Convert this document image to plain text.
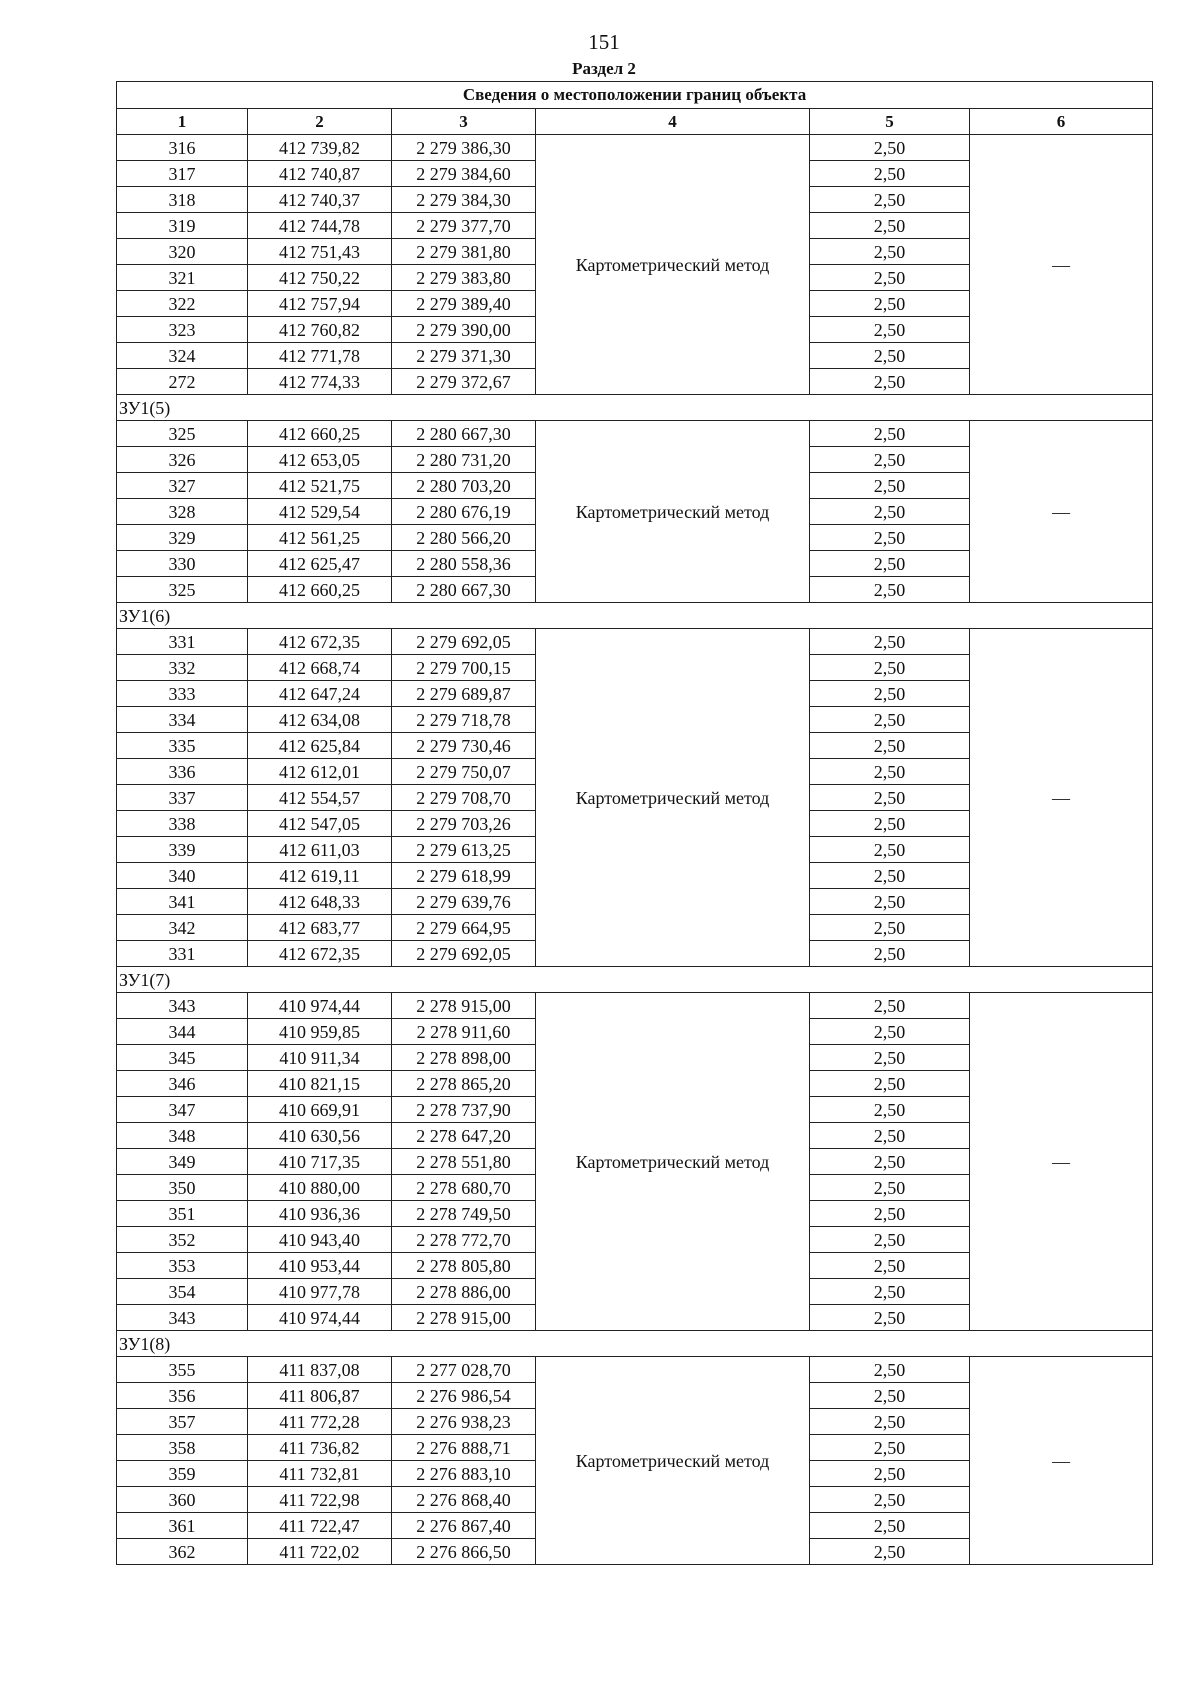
151
Раздел 2
Сведения о местоположении границ объекта					
1	2	3	4	5	6
316	412 739,82	2 279 386,30	Картометрический метод	2,50	—
317	412 740,87	2 279 384,60		2,50	
318	412 740,37	2 279 384,30		2,50	
319	412 744,78	2 279 377,70		2,50	
320	412 751,43	2 279 381,80		2,50	
321	412 750,22	2 279 383,80		2,50	
322	412 757,94	2 279 389,40		2,50	
323	412 760,82	2 279 390,00		2,50	
324	412 771,78	2 279 371,30		2,50	
272	412 774,33	2 279 372,67		2,50	
ЗУ1(5)					
325	412 660,25	2 280 667,30	Картометрический метод	2,50	—
326	412 653,05	2 280 731,20		2,50	
327	412 521,75	2 280 703,20		2,50	
328	412 529,54	2 280 676,19		2,50	
329	412 561,25	2 280 566,20		2,50	
330	412 625,47	2 280 558,36		2,50	
325	412 660,25	2 280 667,30		2,50	
ЗУ1(6)					
331	412 672,35	2 279 692,05	Картометрический метод	2,50	—
332	412 668,74	2 279 700,15		2,50	
333	412 647,24	2 279 689,87		2,50	
334	412 634,08	2 279 718,78		2,50	
335	412 625,84	2 279 730,46		2,50	
336	412 612,01	2 279 750,07		2,50	
337	412 554,57	2 279 708,70		2,50	
338	412 547,05	2 279 703,26		2,50	
339	412 611,03	2 279 613,25		2,50	
340	412 619,11	2 279 618,99		2,50	
341	412 648,33	2 279 639,76		2,50	
342	412 683,77	2 279 664,95		2,50	
331	412 672,35	2 279 692,05		2,50	
ЗУ1(7)					
343	410 974,44	2 278 915,00	Картометрический метод	2,50	—
344	410 959,85	2 278 911,60		2,50	
345	410 911,34	2 278 898,00		2,50	
346	410 821,15	2 278 865,20		2,50	
347	410 669,91	2 278 737,90		2,50	
348	410 630,56	2 278 647,20		2,50	
349	410 717,35	2 278 551,80		2,50	
350	410 880,00	2 278 680,70		2,50	
351	410 936,36	2 278 749,50		2,50	
352	410 943,40	2 278 772,70		2,50	
353	410 953,44	2 278 805,80		2,50	
354	410 977,78	2 278 886,00		2,50	
343	410 974,44	2 278 915,00		2,50	
ЗУ1(8)					
355	411 837,08	2 277 028,70	Картометрический метод	2,50	—
356	411 806,87	2 276 986,54		2,50	
357	411 772,28	2 276 938,23		2,50	
358	411 736,82	2 276 888,71		2,50	
359	411 732,81	2 276 883,10		2,50	
360	411 722,98	2 276 868,40		2,50	
361	411 722,47	2 276 867,40		2,50	
362	411 722,02	2 276 866,50		2,50	
